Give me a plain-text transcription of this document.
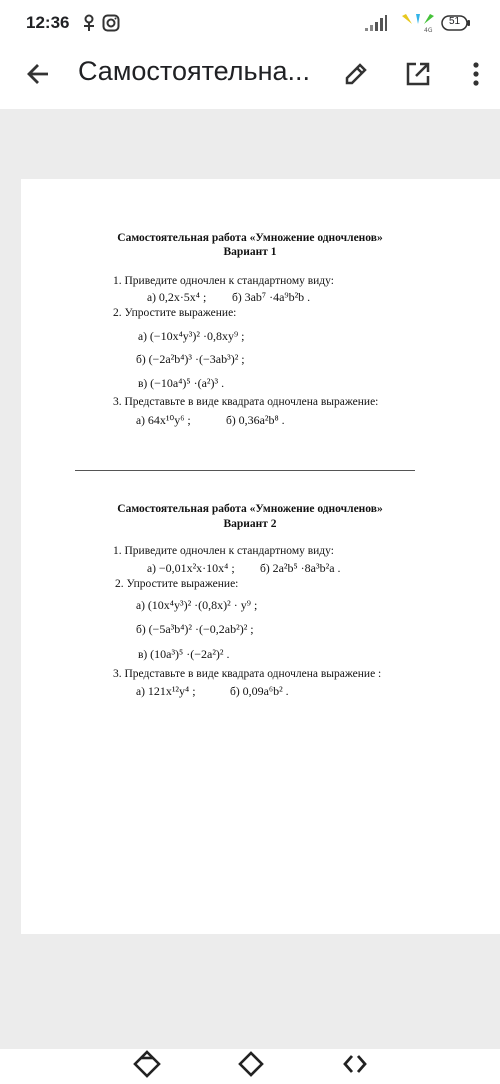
12:36	4G
51
Самостоятельна...
Самостоятельная работа «Умножение одночленов»
Вариант 1
1. Приведите одночлен к стандартному виду:
а) 0,2x·5x⁴ ; б) 3ab⁷ ·4a⁹b²b .
2. Упростите выражение:
а) (−10x⁴y³)² ·0,8xy⁹ ;
б) (−2a²b⁴)³ ·(−3ab³)² ;
в) (−10a⁴)⁵ ·(a²)³ .
3. Представьте в виде квадрата одночлена выражение:
а) 64x¹⁰y⁶ ;	б) 0,36a²b⁸ .
Самостоятельная работа «Умножение одночленов»
Вариант 2
1. Приведите одночлен к стандартному виду:
а) −0,01x²x·10x⁴ ; б) 2a²b⁵ ·8a³b²a .
2. Упростите выражение:
а) (10x⁴y³)² ·(0,8x)² · y⁹ ;
б) (−5a³b⁴)² ·(−0,2ab²)² ;
в) (10a³)⁵ ·(−2a²)² .
3. Представьте в виде квадрата одночлена выражение :
а) 121x¹²y⁴ ;	б) 0,09a⁶b² .
